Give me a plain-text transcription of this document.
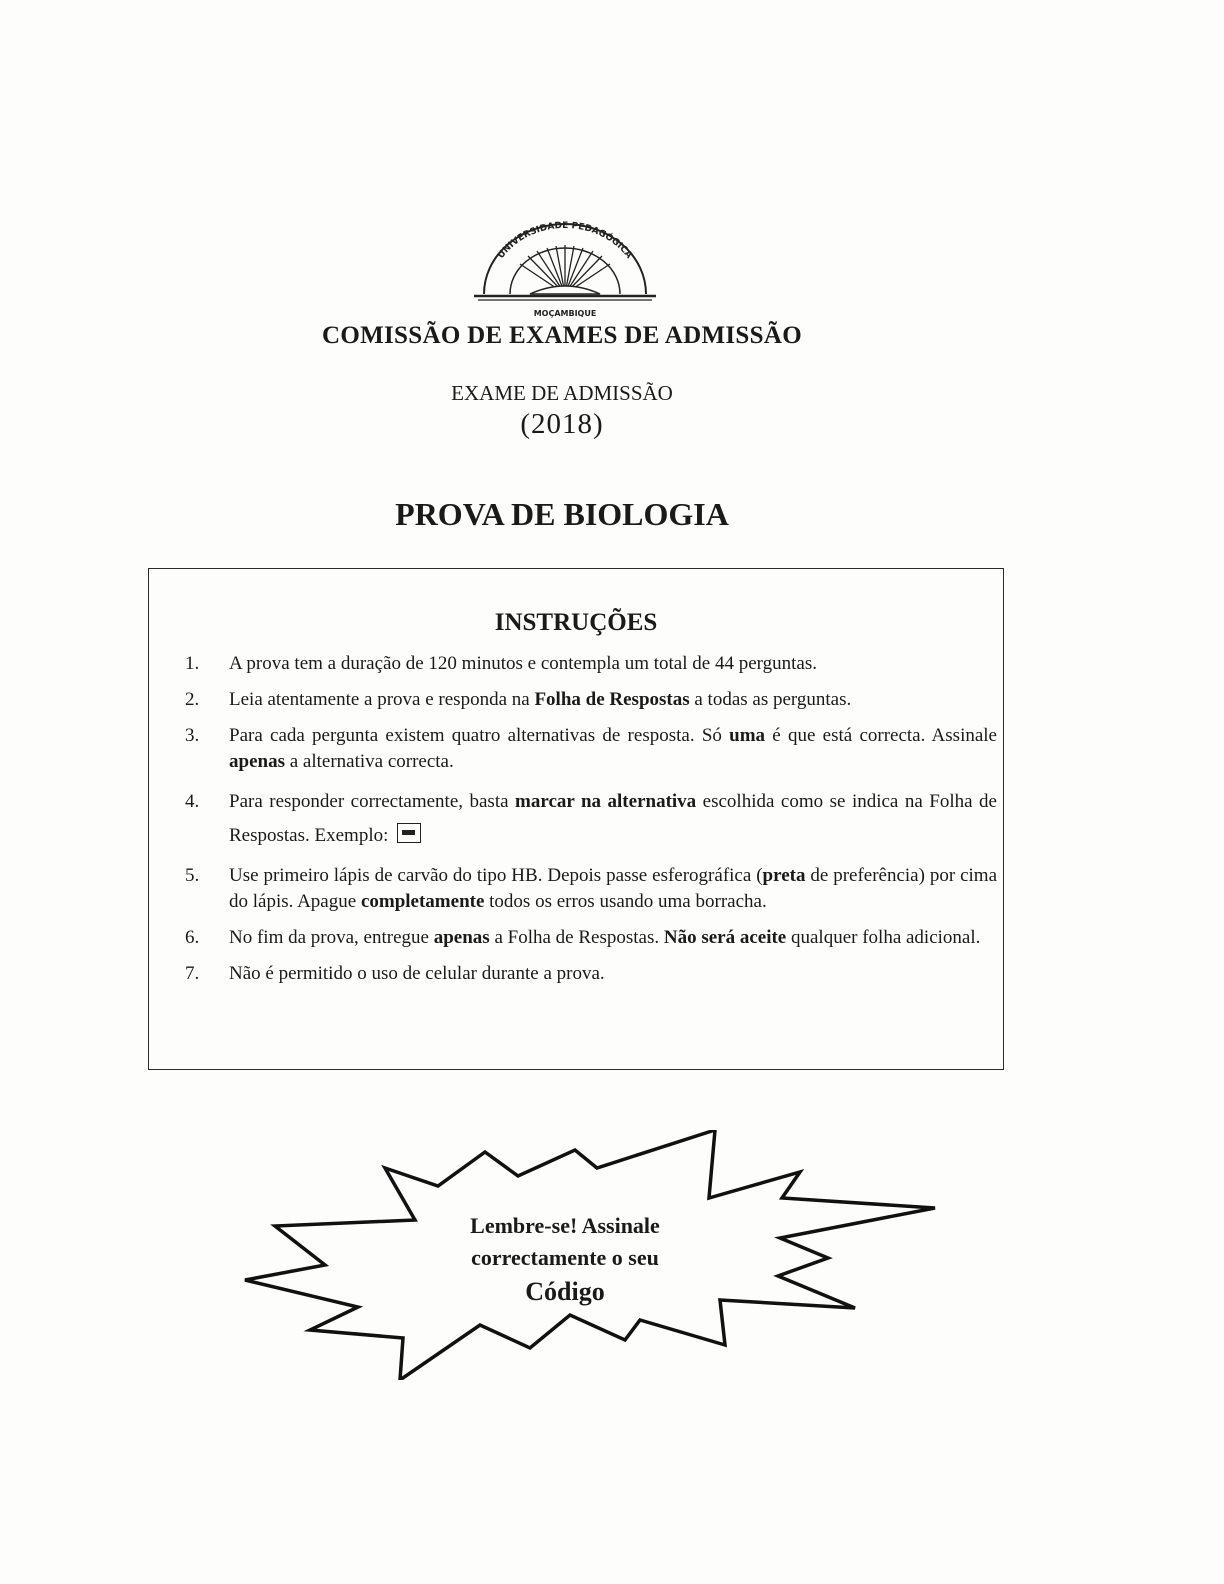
UNIVERSIDADE PEDAGÓGICA
MOÇAMBIQUE
COMISSÃO DE EXAMES DE ADMISSÃO
EXAME DE ADMISSÃO
(2018)
PROVA DE BIOLOGIA
INSTRUÇÕES
1.	A prova tem a duração de 120 minutos e contempla um total de 44 perguntas.
2.	Leia atentamente a prova e responda na Folha de Respostas a todas as perguntas.
3.	Para cada pergunta existem quatro alternativas de resposta. Só uma é que está correcta. Assinale apenas a alternativa correcta.
4.	Para responder correctamente, basta marcar na alternativa escolhida como se indica na Folha de Respostas. Exemplo:
5.	Use primeiro lápis de carvão do tipo HB. Depois passe esferográfica (preta de preferência) por cima do lápis. Apague completamente todos os erros usando uma borracha.
6.	No fim da prova, entregue apenas a Folha de Respostas. Não será aceite qualquer folha adicional.
7.	Não é permitido o uso de celular durante a prova.
Lembre-se! Assinale
correctamente o seu
Código
